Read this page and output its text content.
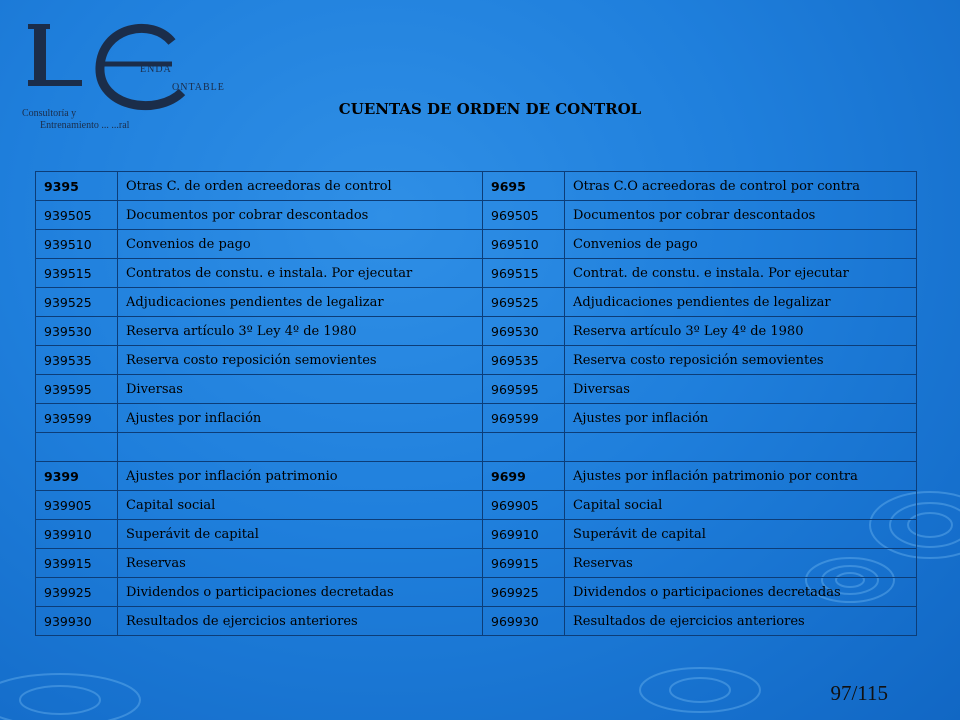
ENDA
ONTABLE
Consultoría y
Entrenamiento ... ...ral
CUENTAS DE ORDEN DE CONTROL
9395	Otras C. de orden acreedoras de control	9695	Otras C.O acreedoras de control por contra
939505	Documentos por cobrar descontados	969505	Documentos por cobrar descontados
939510	Convenios de pago	969510	Convenios de pago
939515	Contratos de constu. e instala. Por ejecutar	969515	Contrat. de constu. e instala. Por ejecutar
939525	Adjudicaciones pendientes de legalizar	969525	Adjudicaciones pendientes de legalizar
939530	Reserva artículo 3º Ley 4º de 1980	969530	Reserva artículo 3º Ley 4º de 1980
939535	Reserva costo reposición semovientes	969535	Reserva costo reposición semovientes
939595	Diversas	969595	Diversas
939599	Ajustes por inflación	969599	Ajustes por inflación

9399	Ajustes por inflación patrimonio	9699	Ajustes por inflación patrimonio por contra
939905	Capital social	969905	Capital social
939910	Superávit de capital	969910	Superávit de capital
939915	Reservas	969915	Reservas
939925	Dividendos o participaciones decretadas	969925	Dividendos o participaciones decretadas
939930	Resultados de ejercicios anteriores	969930	Resultados de ejercicios anteriores
97/115
